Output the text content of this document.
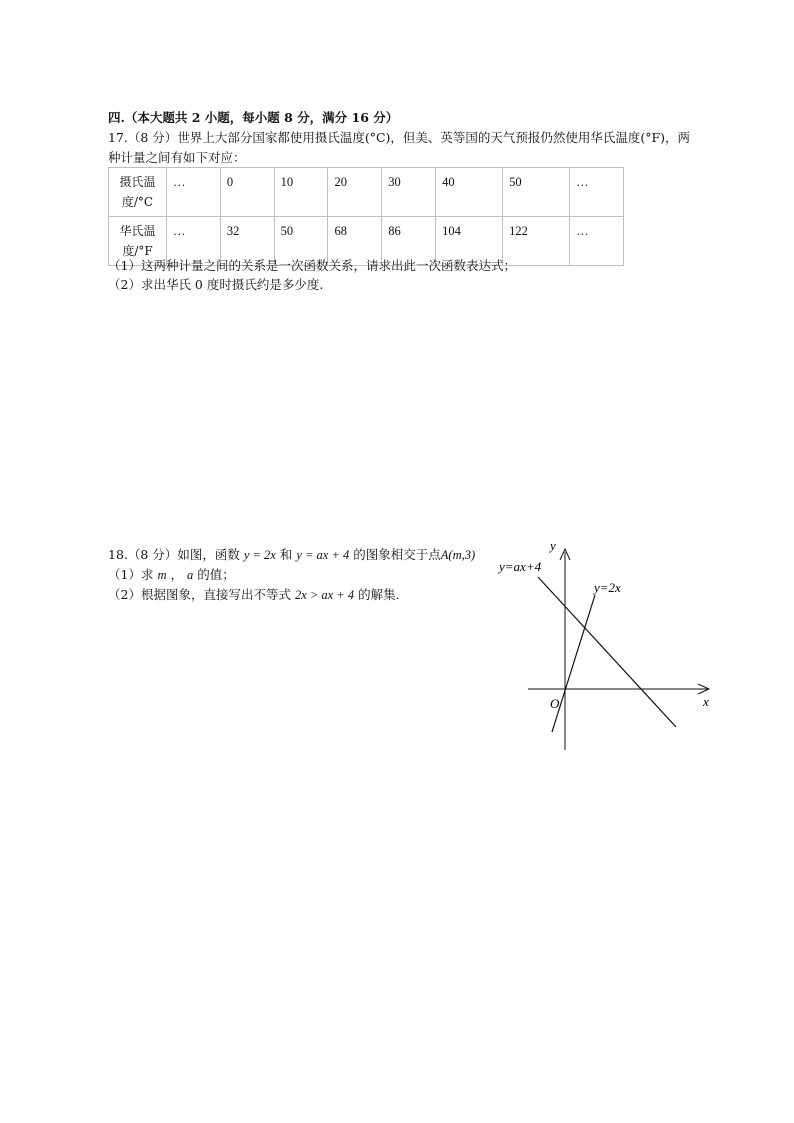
四.（本大题共 2 小题，每小题 8 分，满分 16 分）
17.（8 分）世界上大部分国家都使用摄氏温度(°C)，但美、英等国的天气预报仍然使用华氏温度(°F)，两
种计量之间有如下对应：
摄氏温
度/°C	…	0	10	20	30	40	50	…

华氏温
度/°F	…	32	50	68	86	104	122	…
（1）这两种计量之间的关系是一次函数关系，请求出此一次函数表达式；
（2）求出华氏 0 度时摄氏约是多少度.
18.（8 分）如图，函数 y = 2x 和 y = ax + 4 的图象相交于点A(m,3)
（1）求 m ， a 的值；
（2）根据图象，直接写出不等式 2x > ax + 4 的解集.
y=ax+4
y=2x
y
x
O
